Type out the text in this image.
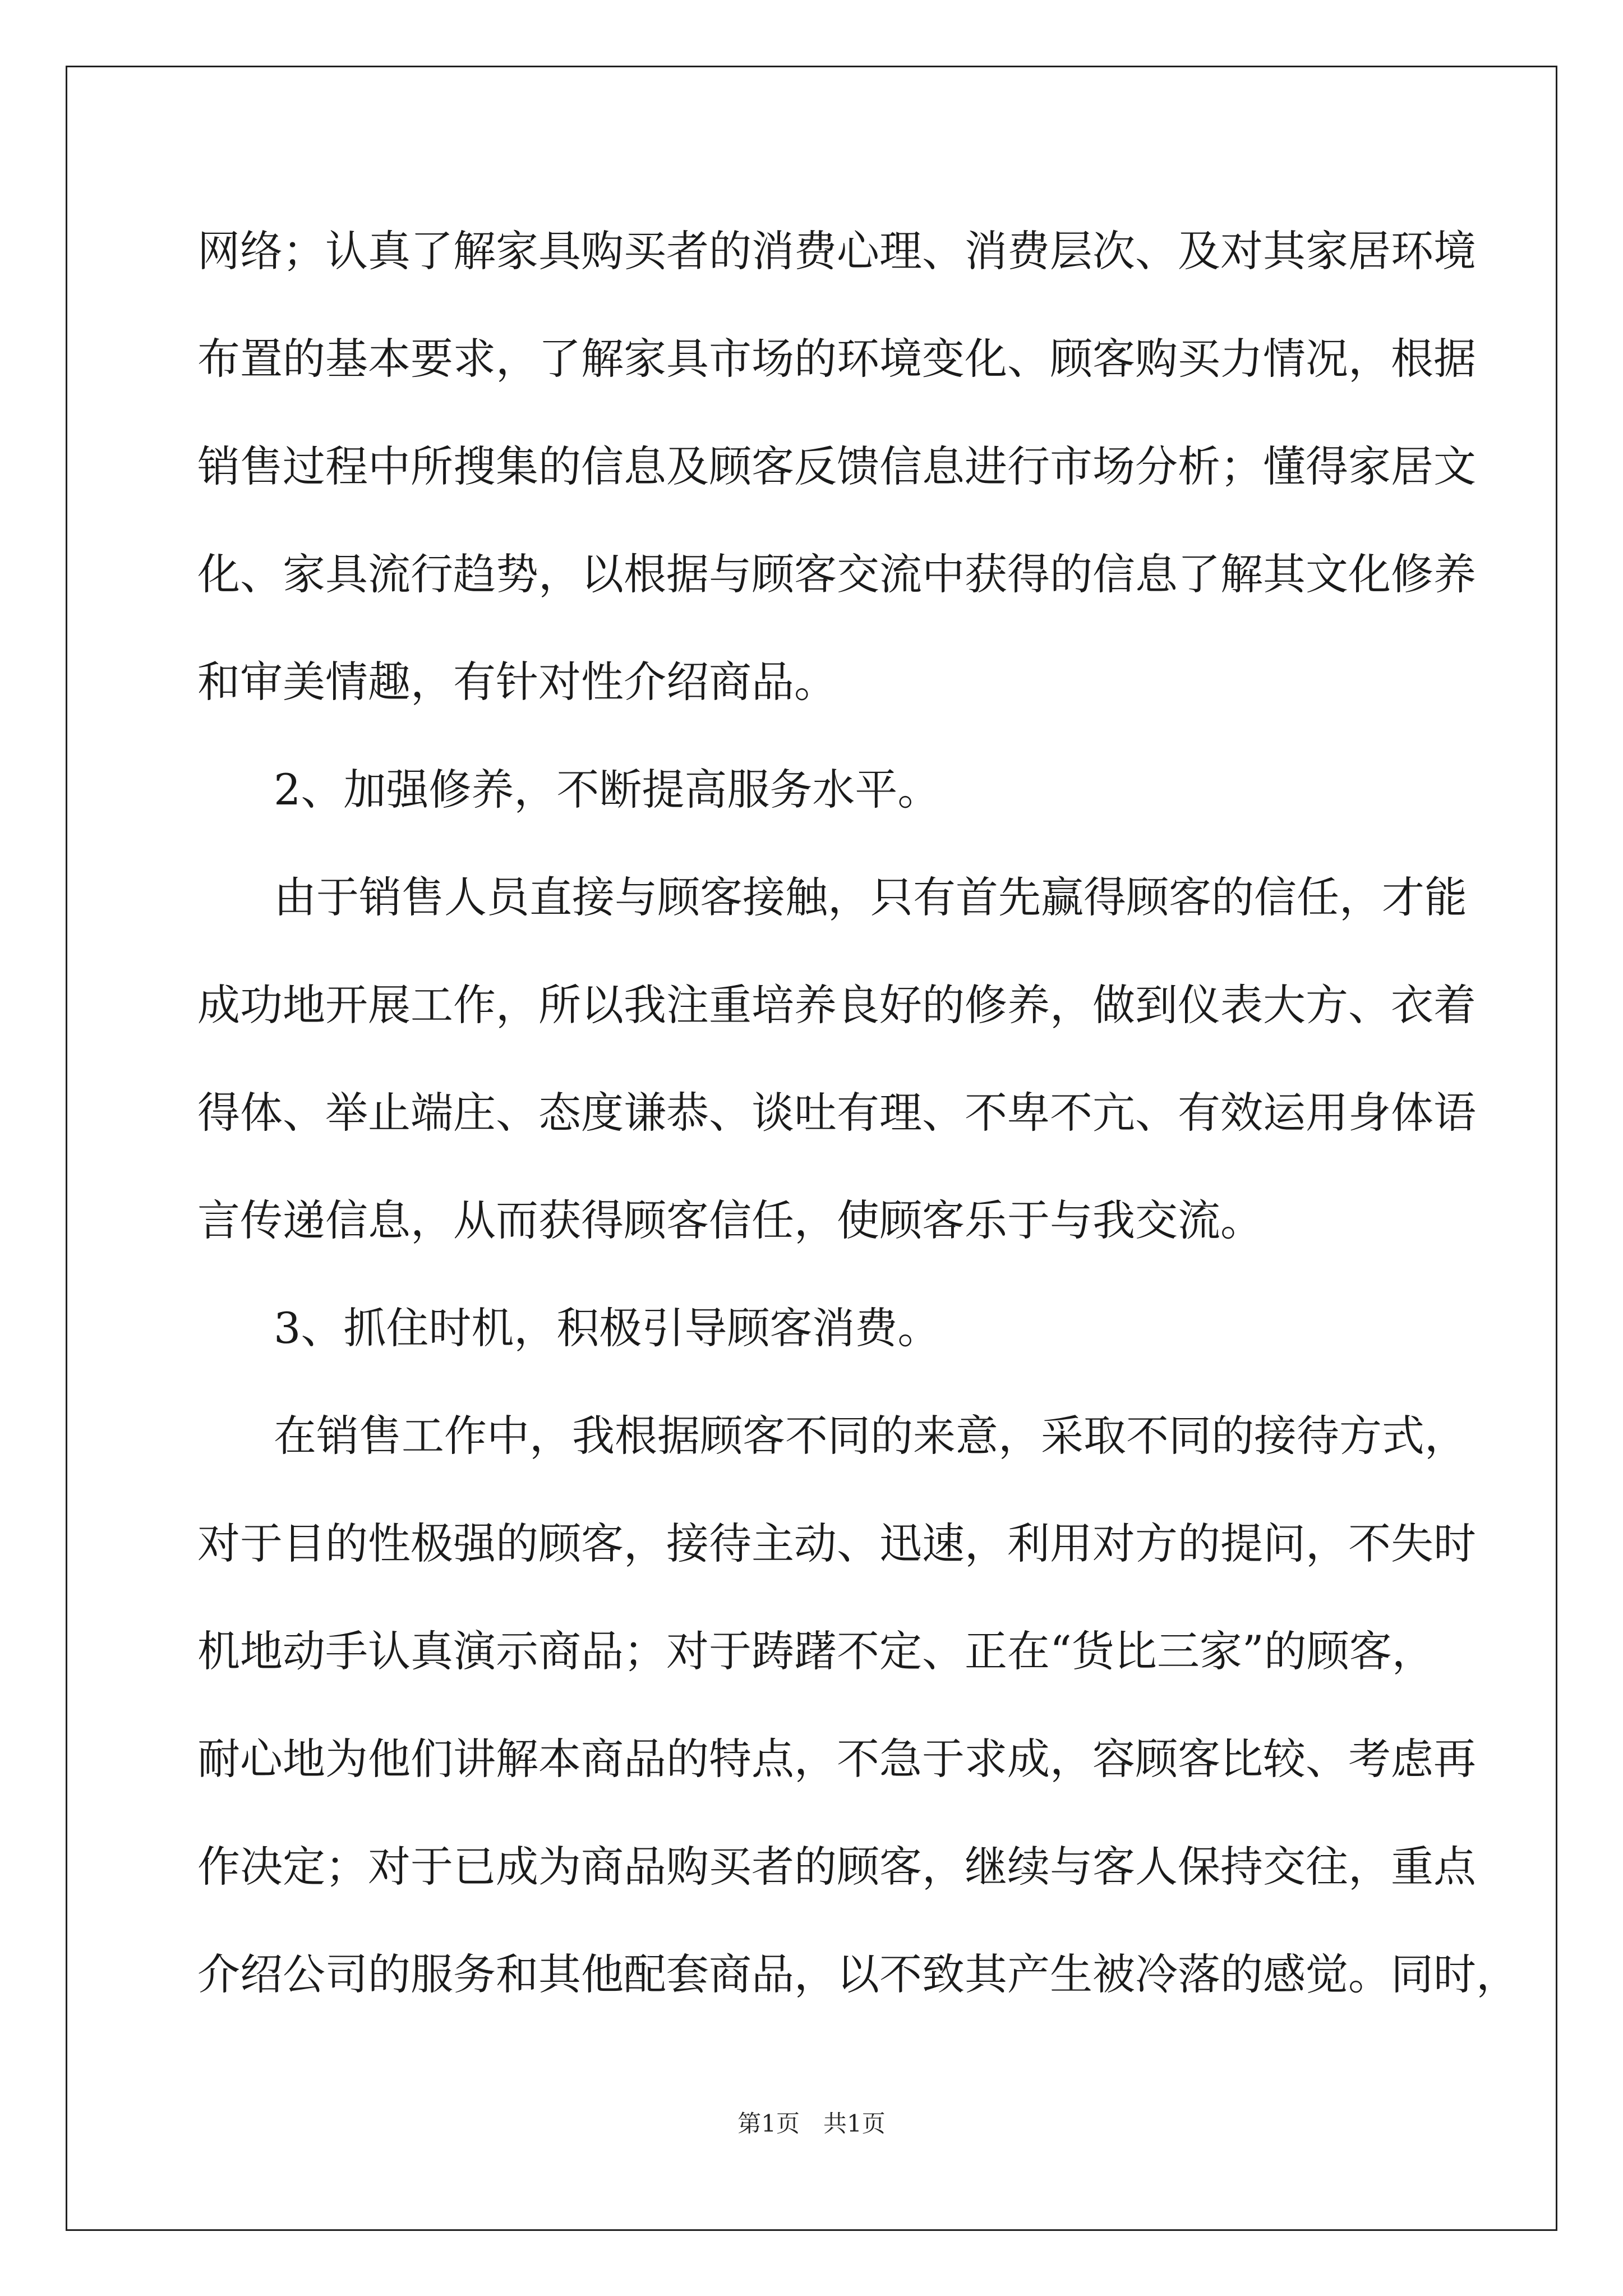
网络；认真了解家具购买者的消费心理、消费层次、及对其家居环境
布置的基本要求，了解家具市场的环境变化、顾客购买力情况，根据
销售过程中所搜集的信息及顾客反馈信息进行市场分析；懂得家居文
化、家具流行趋势，以根据与顾客交流中获得的信息了解其文化修养
和审美情趣，有针对性介绍商品。
2、加强修养，不断提高服务水平。
由于销售人员直接与顾客接触，只有首先赢得顾客的信任，才能
成功地开展工作，所以我注重培养良好的修养，做到仪表大方、衣着
得体、举止端庄、态度谦恭、谈吐有理、不卑不亢、有效运用身体语
言传递信息，从而获得顾客信任，使顾客乐于与我交流。
3、抓住时机，积极引导顾客消费。
在销售工作中，我根据顾客不同的来意，采取不同的接待方式，
对于目的性极强的顾客，接待主动、迅速，利用对方的提问，不失时
机地动手认真演示商品；对于踌躇不定、正在“货比三家”的顾客，
耐心地为他们讲解本商品的特点，不急于求成，容顾客比较、考虑再
作决定；对于已成为商品购买者的顾客，继续与客人保持交往，重点
介绍公司的服务和其他配套商品，以不致其产生被冷落的感觉。同时，
第1页 共1页
